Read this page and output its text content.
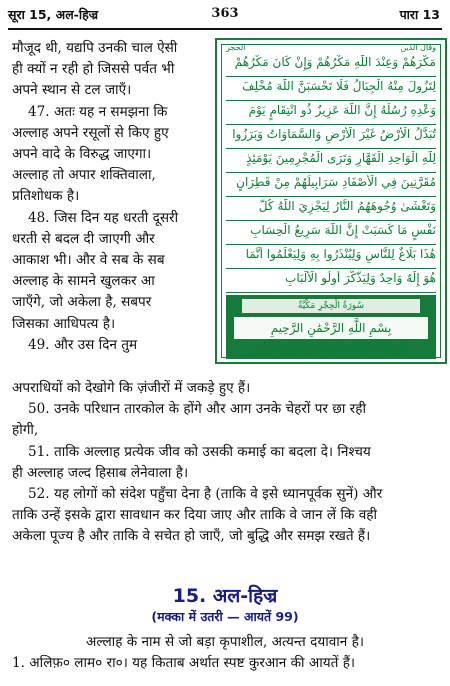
सूरा 15, अल-हिज्र	363	पारा 13

मौजूद थी, यद्यपि उनकी चाल ऐसी

ही क्यों न रही हो जिससे पर्वत भी

अपने स्थान से टल जाएँ।

47. अतः यह न समझना कि

अल्लाह अपने रसूलों से किए हुए

अपने वादे के विरुद्ध जाएगा।

अल्लाह तो अपार शक्तिवाला,

प्रतिशोधक है।

48. जिस दिन यह धरती दूसरी

धरती से बदल दी जाएगी और

आकाश भी। और वे सब के सब

अल्लाह के सामने खुलकर आ

जाएँगे, जो अकेला है, सबपर

जिसका आधिपत्य है।

49. और उस दिन तुम

الحجر	وقال الذين
مَكْرَهُمْ وَعِنْدَ اللَّهِ مَكْرُهُمْ وَإِنْ كَانَ مَكْرُهُمْ
لِتَزُولَ مِنْهُ الْجِبَالُ فَلَا تَحْسَبَنَّ اللَّهَ مُخْلِفَ
وَعْدِهِ رُسُلَهُ إِنَّ اللَّهَ عَزِيزٌ ذُو انْتِقَامٍ يَوْمَ
تُبَدَّلُ الْأَرْضُ غَيْرَ الْأَرْضِ وَالسَّمَاوَاتُ وَبَرَزُوا
لِلَّهِ الْوَاحِدِ الْقَهَّارِ وَتَرَى الْمُجْرِمِينَ يَوْمَئِذٍ
مُقَرَّنِينَ فِي الْأَصْفَادِ سَرَابِيلُهُمْ مِنْ قَطِرَانٍ
وَتَغْشَىٰ وُجُوهَهُمُ النَّارُ لِيَجْزِيَ اللَّهُ كُلَّ
نَفْسٍ مَا كَسَبَتْ إِنَّ اللَّهَ سَرِيعُ الْحِسَابِ
هَٰذَا بَلَاغٌ لِلنَّاسِ وَلِيُنْذَرُوا بِهِ وَلِيَعْلَمُوا أَنَّمَا
هُوَ إِلَٰهٌ وَاحِدٌ وَلِيَذَّكَّرَ أُولُو الْأَلْبَابِ
سُورَةُ الْحِجْرِ مَكِّيَّةٌ
بِسْمِ اللَّهِ الرَّحْمَٰنِ الرَّحِيمِ
الٓرٰ تِلْكَ آيَاتُ الْكِتَابِ وَقُرْآنٍ مُبِينٍ

अपराधियों को देखोगे कि ज़ंजीरों में जकड़े हुए हैं।

50. उनके परिधान तारकोल के होंगे और आग उनके चेहरों पर छा रही

होगी,

51. ताकि अल्लाह प्रत्येक जीव को उसकी कमाई का बदला दे। निश्चय

ही अल्लाह जल्द हिसाब लेनेवाला है।

52. यह लोगों को संदेश पहुँचा देना है (ताकि वे इसे ध्यानपूर्वक सुनें) और

ताकि उन्हें इसके द्वारा सावधान कर दिया जाए और ताकि वे जान लें कि वही

अकेला पूज्य है और ताकि वे सचेत हो जाएँ, जो बुद्धि और समझ रखते हैं।

15. अल-हिज्र
(मक्का में उतरी — आयतें 99)

अल्लाह के नाम से जो बड़ा कृपाशील, अत्यन्त दयावान है।

1. अलिफ़० लाम० रा०। यह किताब अर्थात स्पष्ट कुरआन की आयतें हैं।
